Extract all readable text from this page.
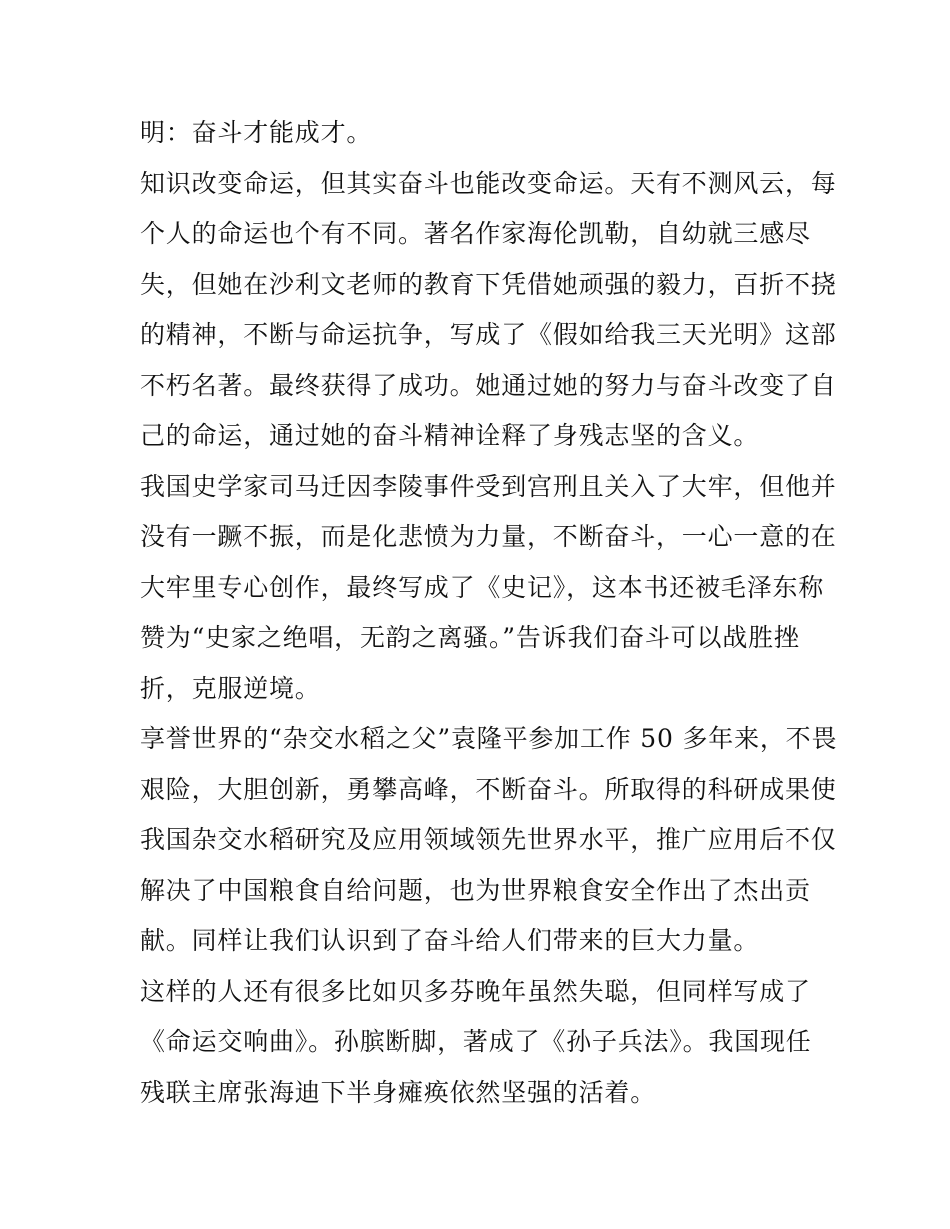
明：奋斗才能成才。
知识改变命运，但其实奋斗也能改变命运。天有不测风云，每
个人的命运也个有不同。著名作家海伦凯勒，自幼就三感尽
失，但她在沙利文老师的教育下凭借她顽强的毅力，百折不挠
的精神，不断与命运抗争，写成了《假如给我三天光明》这部
不朽名著。最终获得了成功。她通过她的努力与奋斗改变了自
己的命运，通过她的奋斗精神诠释了身残志坚的含义。
我国史学家司马迁因李陵事件受到宫刑且关入了大牢，但他并
没有一蹶不振，而是化悲愤为力量，不断奋斗，一心一意的在
大牢里专心创作，最终写成了《史记》，这本书还被毛泽东称
赞为“史家之绝唱，无韵之离骚。”告诉我们奋斗可以战胜挫
折，克服逆境。
享誉世界的“杂交水稻之父”袁隆平参加工作 50 多年来，不畏
艰险，大胆创新，勇攀高峰，不断奋斗。所取得的科研成果使
我国杂交水稻研究及应用领域领先世界水平，推广应用后不仅
解决了中国粮食自给问题，也为世界粮食安全作出了杰出贡
献。同样让我们认识到了奋斗给人们带来的巨大力量。
这样的人还有很多比如贝多芬晚年虽然失聪，但同样写成了
《命运交响曲》。孙膑断脚，著成了《孙子兵法》。我国现任
残联主席张海迪下半身瘫痪依然坚强的活着。
